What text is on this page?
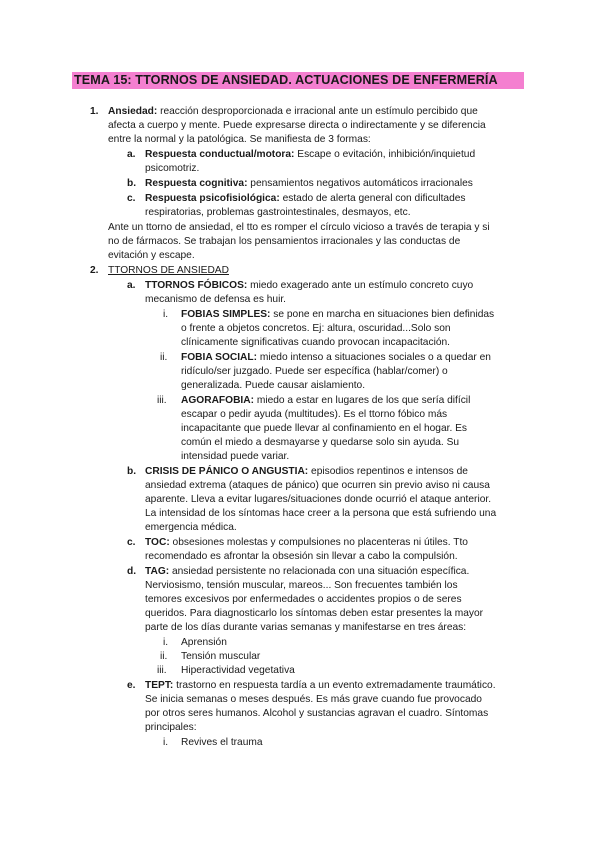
TEMA 15: TTORNOS DE ANSIEDAD. ACTUACIONES DE ENFERMERÍA
1. Ansiedad: reacción desproporcionada e irracional ante un estímulo percibido que
afecta a cuerpo y mente. Puede expresarse directa o indirectamente y se diferencia
entre la normal y la patológica. Se manifiesta de 3 formas:
a. Respuesta conductual/motora: Escape o evitación, inhibición/inquietud
psicomotriz.
b. Respuesta cognitiva: pensamientos negativos automáticos irracionales
c. Respuesta psicofisiológica: estado de alerta general con dificultades
respiratorias, problemas gastrointestinales, desmayos, etc.
Ante un ttorno de ansiedad, el tto es romper el círculo vicioso a través de terapia y si
no de fármacos. Se trabajan los pensamientos irracionales y las conductas de
evitación y escape.
2. TTORNOS DE ANSIEDAD
a. TTORNOS FÓBICOS: miedo exagerado ante un estímulo concreto cuyo
mecanismo de defensa es huir.
i. FOBIAS SIMPLES: se pone en marcha en situaciones bien definidas
o frente a objetos concretos. Ej: altura, oscuridad...Solo son
clínicamente significativas cuando provocan incapacitación.
ii. FOBIA SOCIAL: miedo intenso a situaciones sociales o a quedar en
ridículo/ser juzgado. Puede ser específica (hablar/comer) o
generalizada. Puede causar aislamiento.
iii. AGORAFOBIA: miedo a estar en lugares de los que sería difícil
escapar o pedir ayuda (multitudes). Es el ttorno fóbico más
incapacitante que puede llevar al confinamiento en el hogar. Es
común el miedo a desmayarse y quedarse solo sin ayuda. Su
intensidad puede variar.
b. CRISIS DE PÁNICO O ANGUSTIA: episodios repentinos e intensos de
ansiedad extrema (ataques de pánico) que ocurren sin previo aviso ni causa
aparente. Lleva a evitar lugares/situaciones donde ocurrió el ataque anterior.
La intensidad de los síntomas hace creer a la persona que está sufriendo una
emergencia médica.
c. TOC: obsesiones molestas y compulsiones no placenteras ni útiles. Tto
recomendado es afrontar la obsesión sin llevar a cabo la compulsión.
d. TAG: ansiedad persistente no relacionada con una situación específica.
Nerviosismo, tensión muscular, mareos... Son frecuentes también los
temores excesivos por enfermedades o accidentes propios o de seres
queridos. Para diagnosticarlo los síntomas deben estar presentes la mayor
parte de los días durante varias semanas y manifestarse en tres áreas:
i. Aprensión
ii. Tensión muscular
iii. Hiperactividad vegetativa
e. TEPT: trastorno en respuesta tardía a un evento extremadamente traumático.
Se inicia semanas o meses después. Es más grave cuando fue provocado
por otros seres humanos. Alcohol y sustancias agravan el cuadro. Síntomas
principales:
i. Revives el trauma
